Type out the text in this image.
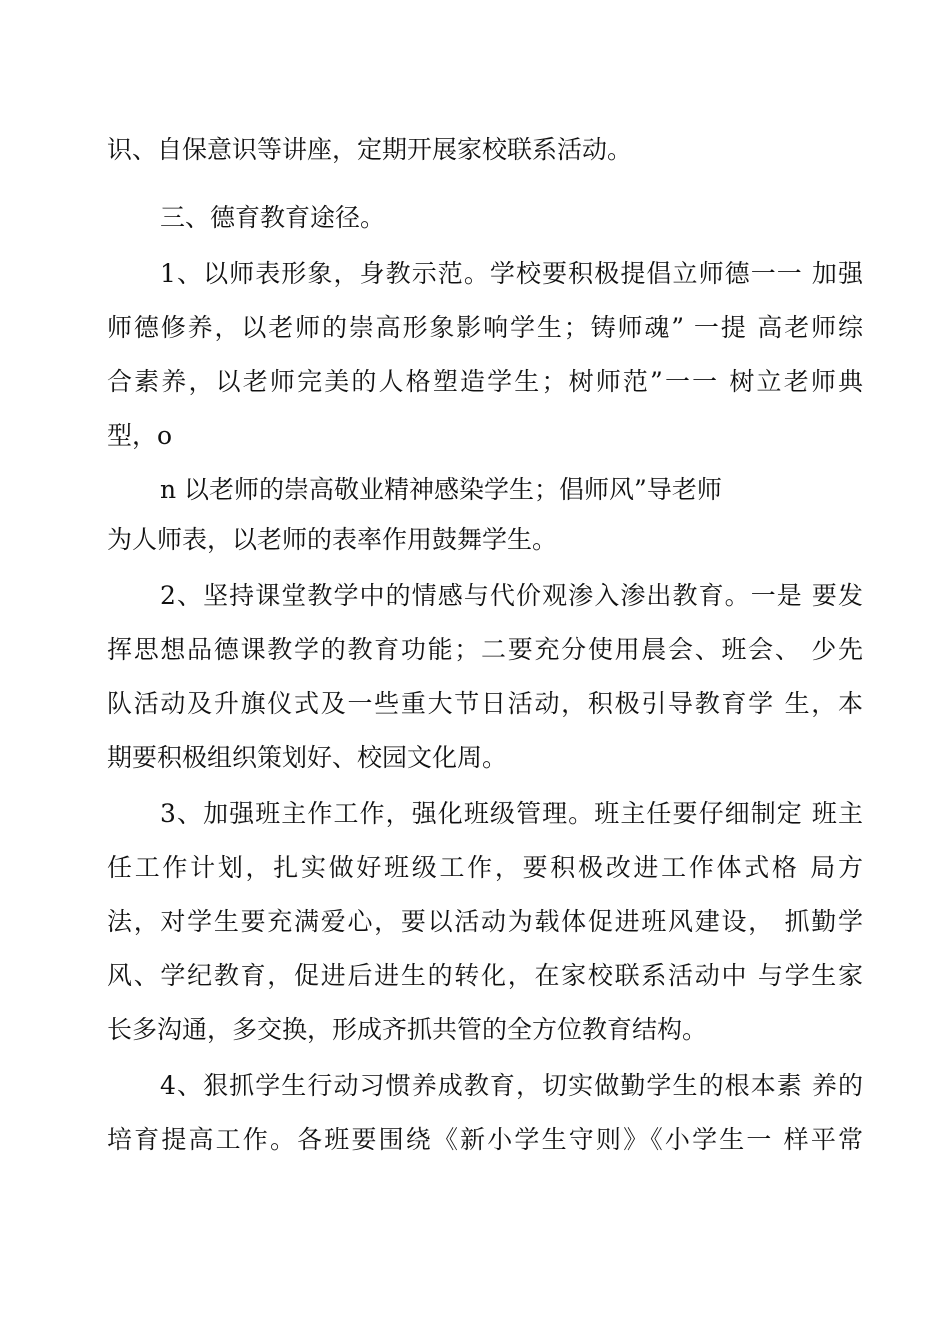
识、自保意识等讲座，定期开展家校联系活动。
三、德育教育途径。
1、以师表形象，身教示范。学校要积极提倡立师德一一 加强
师德修养，以老师的崇高形象影响学生；铸师魂” 一提 高老师综
合素养，以老师完美的人格塑造学生；树师范”一一 树立老师典
型，o
n 以老师的崇高敬业精神感染学生；倡师风”导老师
为人师表，以老师的表率作用鼓舞学生。
2、坚持课堂教学中的情感与代价观渗入渗出教育。一是 要发
挥思想品德课教学的教育功能；二要充分使用晨会、班会、 少先
队活动及升旗仪式及一些重大节日活动，积极引导教育学 生，本
期要积极组织策划好、校园文化周。
3、加强班主作工作，强化班级管理。班主任要仔细制定 班主
任工作计划，扎实做好班级工作，要积极改进工作体式格 局方
法，对学生要充满爱心，要以活动为载体促进班风建设， 抓勤学
风、学纪教育，促进后进生的转化，在家校联系活动中 与学生家
长多沟通，多交换，形成齐抓共管的全方位教育结构。
4、狠抓学生行动习惯养成教育，切实做勤学生的根本素 养的
培育提高工作。各班要围绕《新小学生守则》《小学生一 样平常
